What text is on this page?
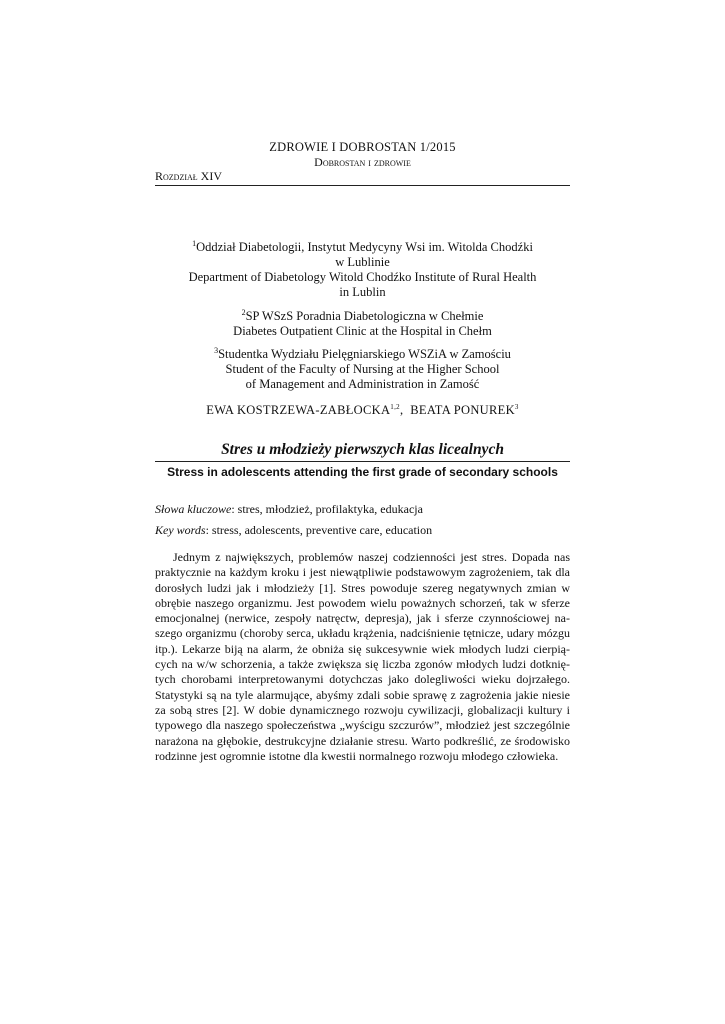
ZDROWIE I DOBROSTAN 1/2015
Dobrostan i zdrowie
Rozdział XIV
$^1$Oddział Diabetologii, Instytut Medycyny Wsi im. Witolda Chodźki
w Lublinie
Department of Diabetology Witold Chodźko Institute of Rural Health
in Lublin
$^2$SP WSzS Poradnia Diabetologiczna w Chełmie
Diabetes Outpatient Clinic at the Hospital in Chełm
$^3$Studentka Wydziału Pielęgniarskiego WSZiA w Zamościu
Student of the Faculty of Nursing at the Higher School
of Management and Administration in Zamość
EWA KOSTRZEWA-ZABŁOCKA$^{1,2}$, BEATA PONUREK$^3$
Stres u młodzieży pierwszych klas licealnych
Stress in adolescents attending the first grade of secondary schools
Słowa kluczowe: stres, młodzież, profilaktyka, edukacja
Key words: stress, adolescents, preventive care, education
Jednym z największych, problemów naszej codzienności jest stres. Dopada nas
praktycznie na każdym kroku i jest niewątpliwie podstawowym zagrożeniem, tak dla
dorosłych ludzi jak i młodzieży [1]. Stres powoduje szereg negatywnych zmian w
obrębie naszego organizmu. Jest powodem wielu poważnych schorzeń, tak w sferze
emocjonalnej (nerwice, zespoły natręctw, depresja), jak i sferze czynnościowej na-
szego organizmu (choroby serca, układu krążenia, nadciśnienie tętnicze, udary mózgu
itp.). Lekarze biją na alarm, że obniża się sukcesywnie wiek młodych ludzi cierpią-
cych na w/w schorzenia, a także zwiększa się liczba zgonów młodych ludzi dotknię-
tych chorobami interpretowanymi dotychczas jako dolegliwości wieku dojrzałego.
Statystyki są na tyle alarmujące, abyśmy zdali sobie sprawę z zagrożenia jakie niesie
za sobą stres [2]. W dobie dynamicznego rozwoju cywilizacji, globalizacji kultury i
typowego dla naszego społeczeństwa „wyścigu szczurów”, młodzież jest szczególnie
narażona na głębokie, destrukcyjne działanie stresu. Warto podkreślić, ze środowisko
rodzinne jest ogromnie istotne dla kwestii normalnego rozwoju młodego człowieka.
